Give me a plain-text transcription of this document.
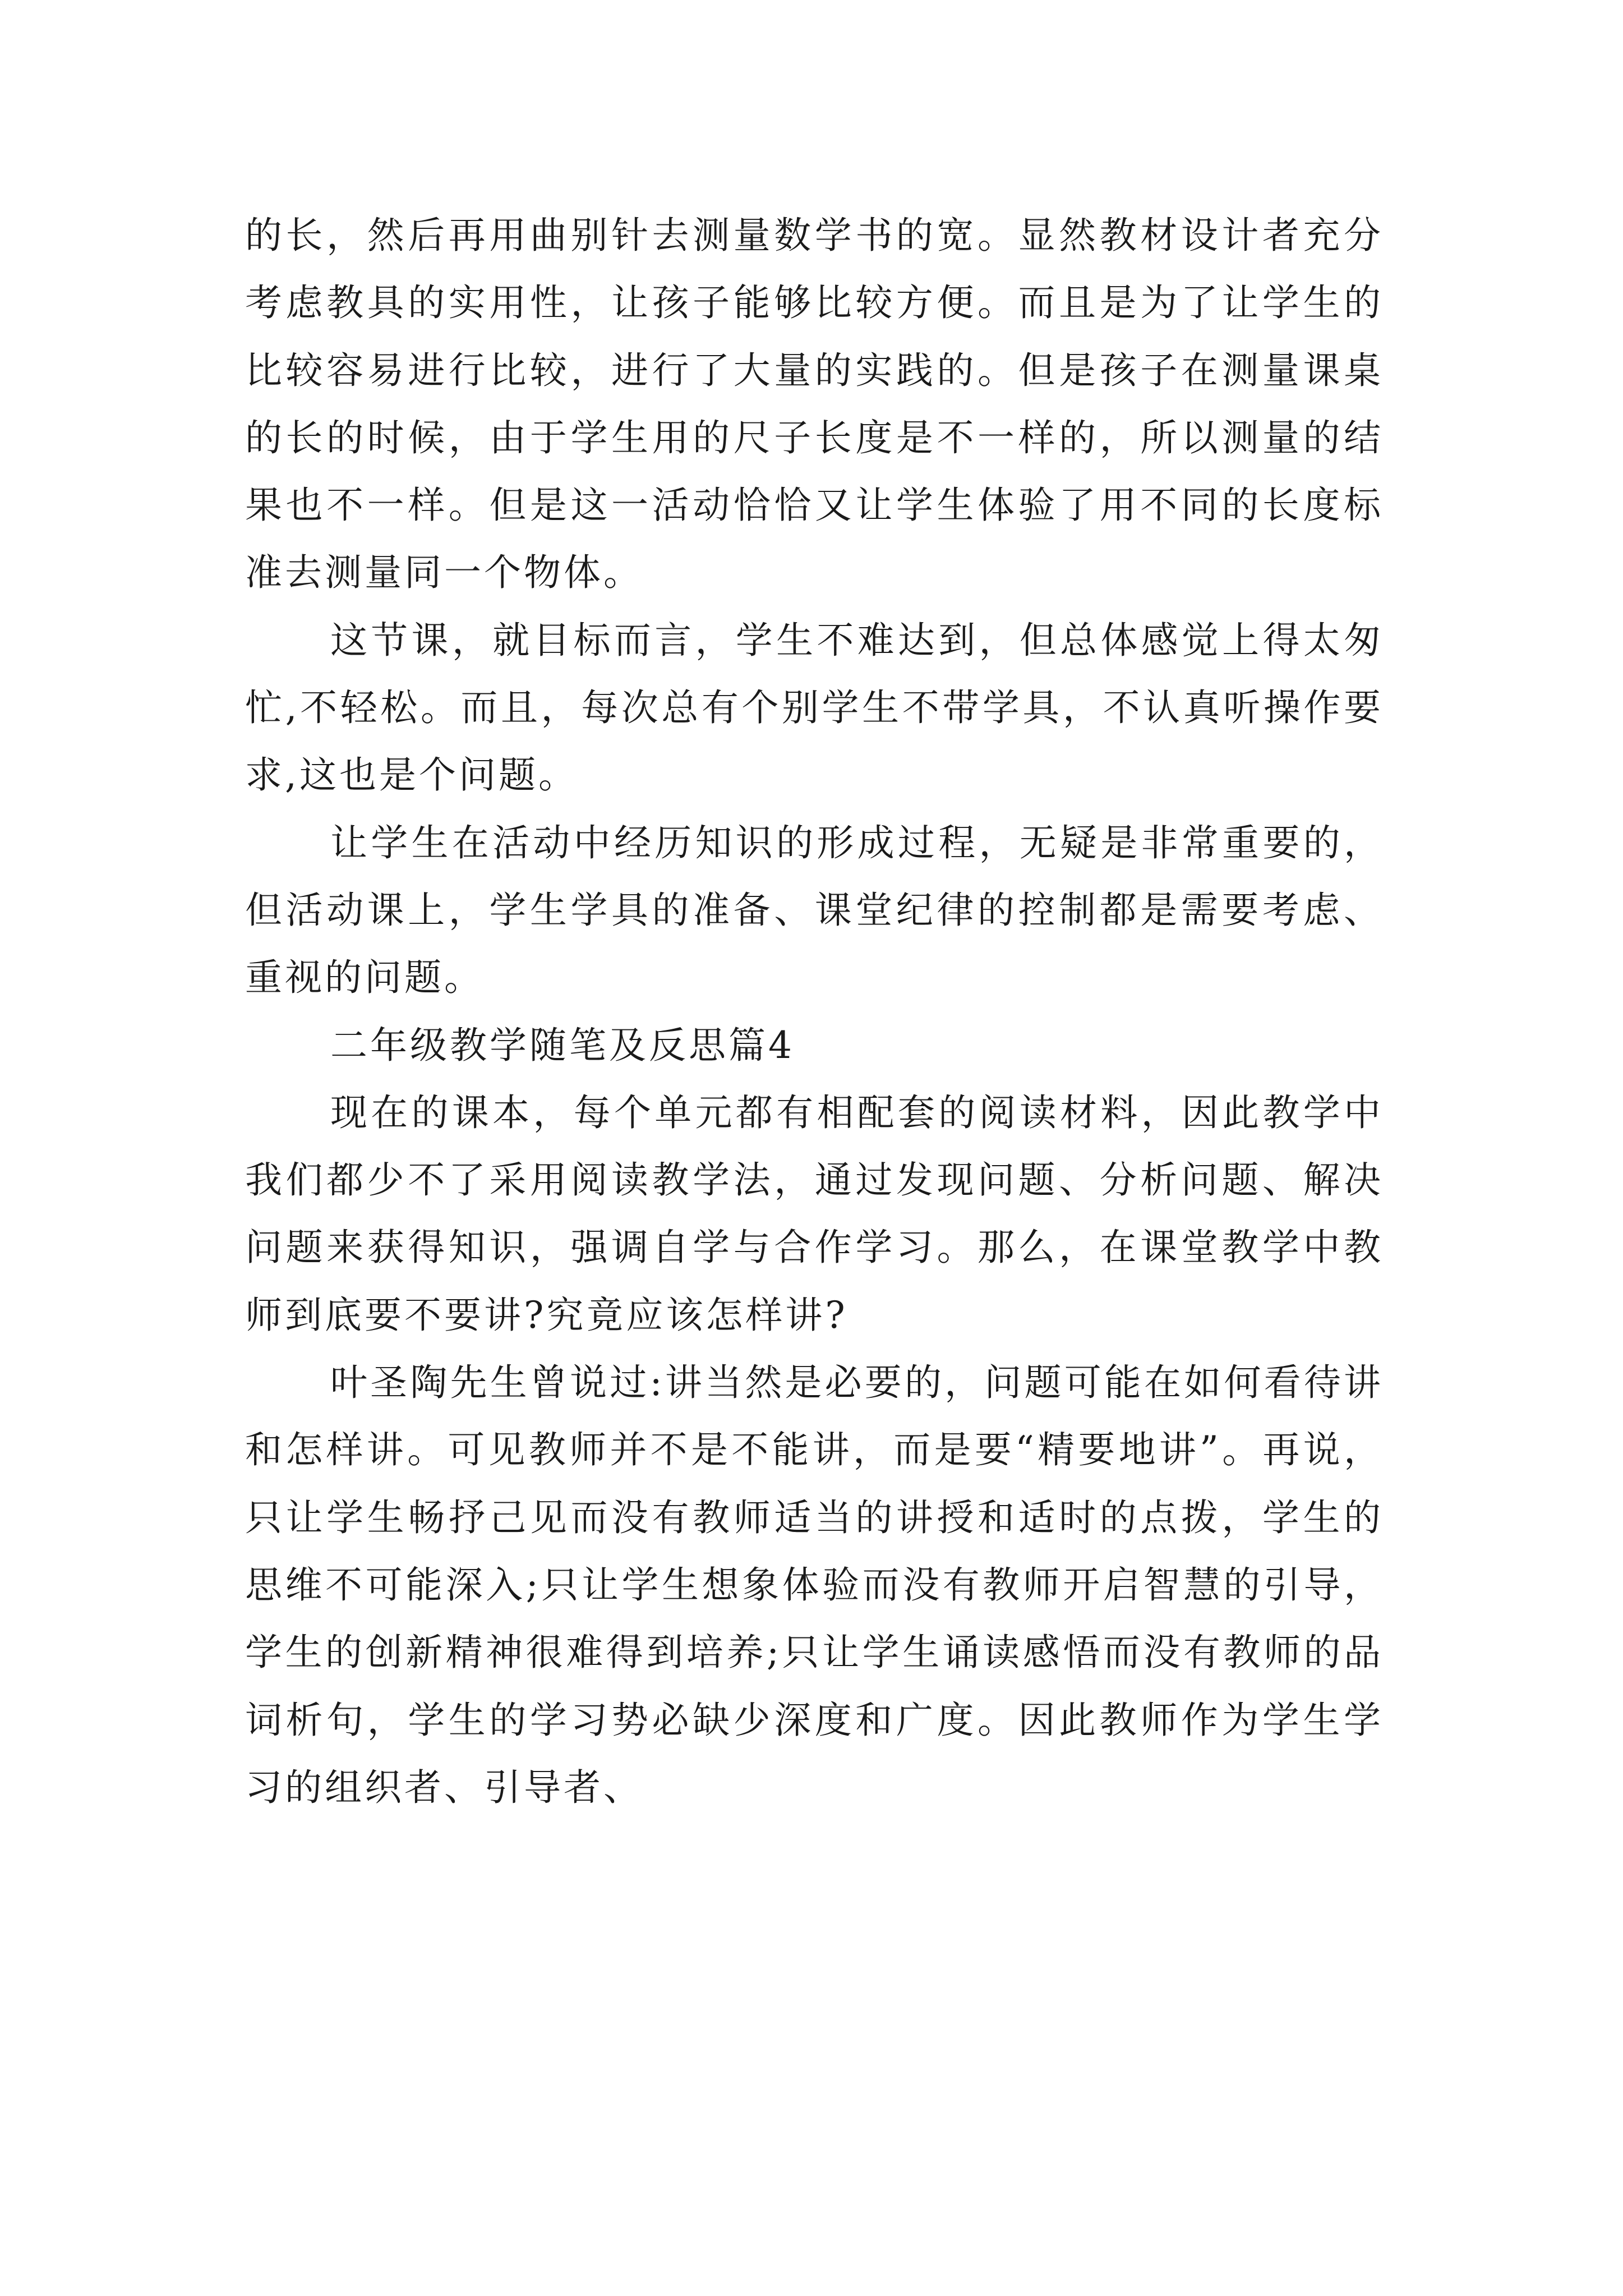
的长，然后再用曲别针去测量数学书的宽。显然教材设计者充分考虑教具的实用性，让孩子能够比较方便。而且是为了让学生的比较容易进行比较，进行了大量的实践的。但是孩子在测量课桌的长的时候，由于学生用的尺子长度是不一样的，所以测量的结果也不一样。但是这一活动恰恰又让学生体验了用不同的长度标准去测量同一个物体。

这节课，就目标而言，学生不难达到，但总体感觉上得太匆忙,不轻松。而且，每次总有个别学生不带学具，不认真听操作要求,这也是个问题。

让学生在活动中经历知识的形成过程，无疑是非常重要的，但活动课上，学生学具的准备、课堂纪律的控制都是需要考虑、重视的问题。

二年级教学随笔及反思篇4

现在的课本，每个单元都有相配套的阅读材料，因此教学中我们都少不了采用阅读教学法，通过发现问题、分析问题、解决问题来获得知识，强调自学与合作学习。那么，在课堂教学中教师到底要不要讲?究竟应该怎样讲?

叶圣陶先生曾说过:讲当然是必要的，问题可能在如何看待讲和怎样讲。可见教师并不是不能讲，而是要“精要地讲”。再说，只让学生畅抒己见而没有教师适当的讲授和适时的点拨，学生的思维不可能深入;只让学生想象体验而没有教师开启智慧的引导，学生的创新精神很难得到培养;只让学生诵读感悟而没有教师的品词析句，学生的学习势必缺少深度和广度。因此教师作为学生学习的组织者、引导者、
